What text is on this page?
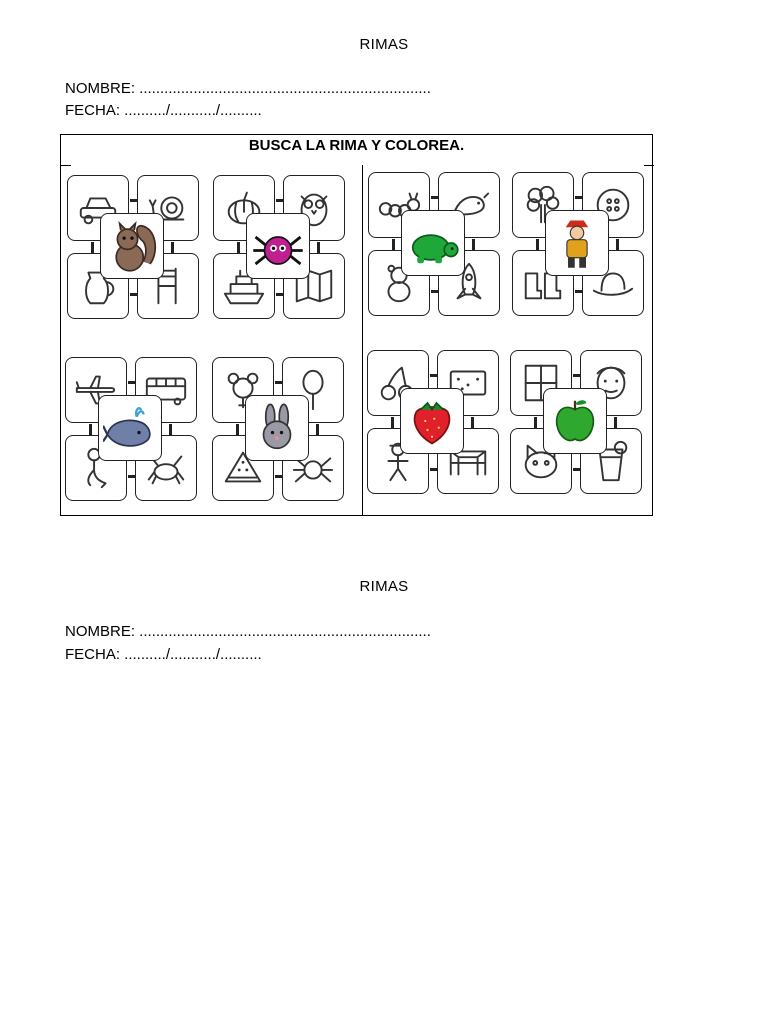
RIMAS
NOMBRE: ......................................................................
FECHA: ........../.........../..........
BUSCA LA RIMA Y COLOREA.
RIMAS
NOMBRE: ......................................................................
FECHA: ........../.........../..........
